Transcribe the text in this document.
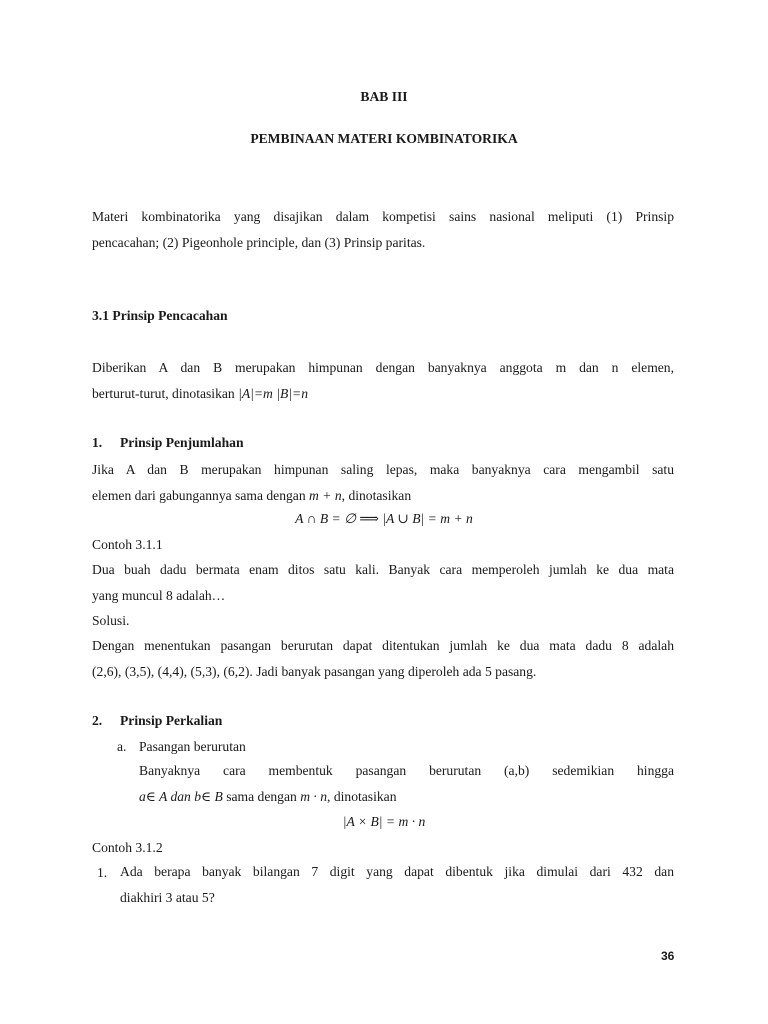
BAB III
PEMBINAAN MATERI KOMBINATORIKA
Materi kombinatorika yang disajikan dalam kompetisi sains nasional meliputi (1) Prinsip
pencacahan; (2) Pigeonhole principle, dan (3) Prinsip paritas.
3.1 Prinsip Pencacahan
Diberikan A dan B merupakan himpunan dengan banyaknya anggota m dan n elemen,
berturut-turut, dinotasikan |A|=m |B|=n
1. Prinsip Penjumlahan
Jika A dan B merupakan himpunan saling lepas, maka banyaknya cara mengambil satu
elemen dari gabungannya sama dengan m + n, dinotasikan
A ∩ B = ∅ ⟹ |A ∪ B| = m + n
Contoh 3.1.1
Dua buah dadu bermata enam ditos satu kali. Banyak cara memperoleh jumlah ke dua mata
yang muncul 8 adalah…
Solusi.
Dengan menentukan pasangan berurutan dapat ditentukan jumlah ke dua mata dadu 8 adalah
(2,6), (3,5), (4,4), (5,3), (6,2). Jadi banyak pasangan yang diperoleh ada 5 pasang.
2. Prinsip Perkalian
a. Pasangan berurutan
Banyaknya cara membentuk pasangan berurutan (a,b) sedemikian hingga
a∈ A dan b∈ B sama dengan m · n, dinotasikan
|A × B| = m · n
Contoh 3.1.2
1. Ada berapa banyak bilangan 7 digit yang dapat dibentuk jika dimulai dari 432 dan
diakhiri 3 atau 5?
36
